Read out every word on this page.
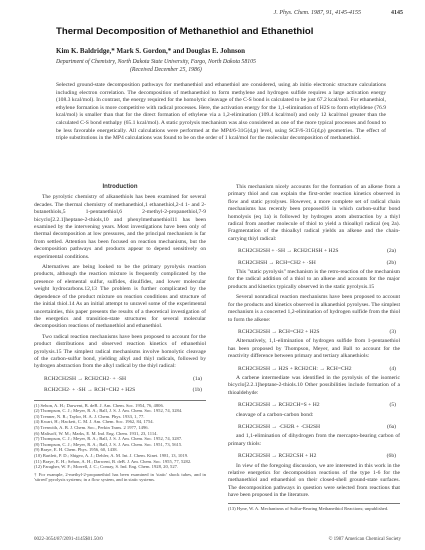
J. Phys. Chem. 1987, 91, 4145-4155	4145
Thermal Decomposition of Methanethiol and Ethanethiol
Kim K. Baldridge,* Mark S. Gordon,* and Douglas E. Johnson
Department of Chemistry, North Dakota State University, Fargo, North Dakota 58105
(Received December 25, 1986)
Selected ground-state decomposition pathways for methanethiol and ethanethiol are considered, using ab initio electronic structure calculations including electron correlation. The decomposition of methanethiol to form methylene and hydrogen sulfide requires a large activation energy (108.3 kcal/mol). In contrast, the energy required for the homolytic cleavage of the C-S bond is calculated to be just 67.2 kcal/mol. For ethanethiol, ethylene formation is more competitive with radical processes. Here, the activation energy for the 1,1-elimination of H2S to form ethylidene (76.9 kcal/mol) is smaller than that for the direct formation of ethylene via a 1,2-elimination (109.4 kcal/mol) and only 12 kcal/mol greater than the calculated C-S bond enthalpy (65.1 kcal/mol). A static pyrolysis mechanism was also considered as one of the more typical processes and found to be less favorable energetically. All calculations were performed at the MP4/6-31G(d,p) level, using SCF/6-31G(d,p) geometries. The effect of triple substitutions in the MP4 calculations was found to be on the order of 1 kcal/mol for the molecular decomposition of methanethiol.
Introduction

The pyrolytic chemistry of alkanethiols has been examined for several decades. The thermal chemistry of methanethiol,1 ethanethiol,2-4 1- and 2-butanethiols,5 1-pentanethiol,6 2-methyl-2-propanethiol,7-9 bicyclo[2.2.1]heptane-2-thiols,10 and phenylmethanethiol11 has been examined by the intervening years. Most investigations have been only of thermal decomposition at low pressures, and the principal mechanism is far from settled. Attention has been focused on reaction mechanisms, but the decomposition pathways and products appear to depend sensitively on experimental conditions.

Alternatives are being looked to be the primary pyrolysis reaction products, although the reaction mixture is frequently complicated by the presence of elemental sulfur, sulfides, disulfides, and lower molecular weight hydrocarbons.12,13 The problem is further complicated by the dependence of the product mixture on reaction conditions and structure of the initial thiol.14 As an initial attempt to unravel some of the experimental uncertainties, this paper presents the results of a theoretical investigation of the energetics and transition-state structures for several molecular decomposition reactions of methanethiol and ethanethiol.

Two radical reaction mechanisms have been proposed to account for the product distributions and observed reaction kinetics of ethanethiol pyrolysis.15 The simplest radical mechanisms involve homolytic cleavage of the carbon-sulfur bond, yielding alkyl and thiyl radicals, followed by hydrogen abstraction from the alkyl radical by the thiyl radical:

RCH2CH2SH → RCH2CH2· + ·SH	(1a)
RCH2CH2· + ·SH → RCH=CH2 + H2S	(1b)
(1) Sehon, A. H.; Darwent, B. deB. J. Am. Chem. Soc. 1954, 76, 4806.
(2) Thompson, C. J.; Meyer, R. A.; Ball, J. S. J. Am. Chem. Soc. 1952, 74, 3284.
(3) Trenner, N. R.; Taylor, H. A. J. Chem. Phys. 1933, 1, 77.
(4) Kwart, H.; Hackett, C. M. J. Am. Chem. Soc. 1962, 84, 1754.
(5) Trenwith, A. B. J. Chem. Soc., Perkin Trans. 2 1977, 1496.
(6) Malisoff, W. M.; Marks, E. M. Ind. Eng. Chem. 1931, 23, 1114.
(7) Thompson, C. J.; Meyer, R. A.; Ball, J. S. J. Am. Chem. Soc. 1952, 74, 3287.
(8) Thompson, C. J.; Meyer, R. A.; Ball, J. S. J. Am. Chem. Soc. 1951, 73, 5615.
(9) Braye, E. H. Chem. Phys. 1956, 60, 1438.
(10) Bartlett, P. D.; Shigeo, A. J.; Dehler, A. M. Int. J. Chem. Kinet. 1981, 13, 1019.
(11) Braye, E. H.; Sehon, A. H.; Darwent, B. deB. J. Am. Chem. Soc. 1955, 77, 5282.
(12) Faragher, W. F.; Morrell, J. C.; Comay, S. Ind. Eng. Chem. 1928, 20, 527.
† For example, 2-methyl-2-propanethiol has been examined in 'static' shock tubes, and in 'stirred' pyrolysis systems; in a flow system, and in static systems.

This mechanism nicely accounts for the formation of an alkene from a primary thiol and can explain the first-order reaction kinetics observed in flow and static pyrolyses. However, a more complete set of radical chain mechanisms has recently been proposed16 in which carbon-sulfur bond homolysis (eq 1a) is followed by hydrogen atom abstraction by a thiyl radical from another molecule of thiol to yield a thioalkyl radical (eq 2a). Fragmentation of the thioalkyl radical yields an alkene and the chain-carrying thiyl radical:

RCH2CH2SH + ·SH → RCH2CHSH + H2S	(2a)
RCH2CHSH → RCH=CH2 + ·SH	(2b)

This "static pyrolysis" mechanism is the retro-reaction of the mechanism for the radical addition of a thiol to an alkene and accounts for the major products and kinetics typically observed in the static pyrolysis.15

Several nonradical reaction mechanisms have been proposed to account for the products and kinetics observed in alkanethiol pyrolyses. The simplest mechanism is a concerted 1,2-elimination of hydrogen sulfide from the thiol to form the alkene:

RCH2CH2SH → RCH=CH2 + H2S	(3)

Alternatively, 1,1-elimination of hydrogen sulfide from 1-pentanethiol has been proposed by Thompson, Meyer, and Ball to account for the reactivity difference between primary and tertiary alkanethiols:

RCH2CH2SH → H2S + RCH2CH: → RCH=CH2	(4)

A carbene intermediate was identified in the pyrolysis of the isomeric bicyclo[2.2.1]heptane-2-thiols.10 Other possibilities include formation of a thioaldehyde:

RCH2CH2SH → RCH2CH=S + H2	(5)

cleavage of a carbon-carbon bond:

RCH2CH2SH → ·CH2R + ·CH2SH	(6a)

and 1,1-elimination of dihydrogen from the mercapto-bearing carbon of primary thiols:

RCH2CH2SH → RCH2CSH + H2	(6b)

In view of the foregoing discussion, we are interested in this work in the relative energetics for decomposition reactions of the type 1-6 for the methanethiol and ethanethiol on their closed-shell ground-state surfaces. The decomposition pathways in question were selected from reactions that have been proposed in the literature.

(13) Hyne, W. A. Mechanisms of Sulfur-Bearing Methanethiol Reactions; unpublished.
0022-3654/87/2091-4145$01.50/0	© 1987 American Chemical Society
